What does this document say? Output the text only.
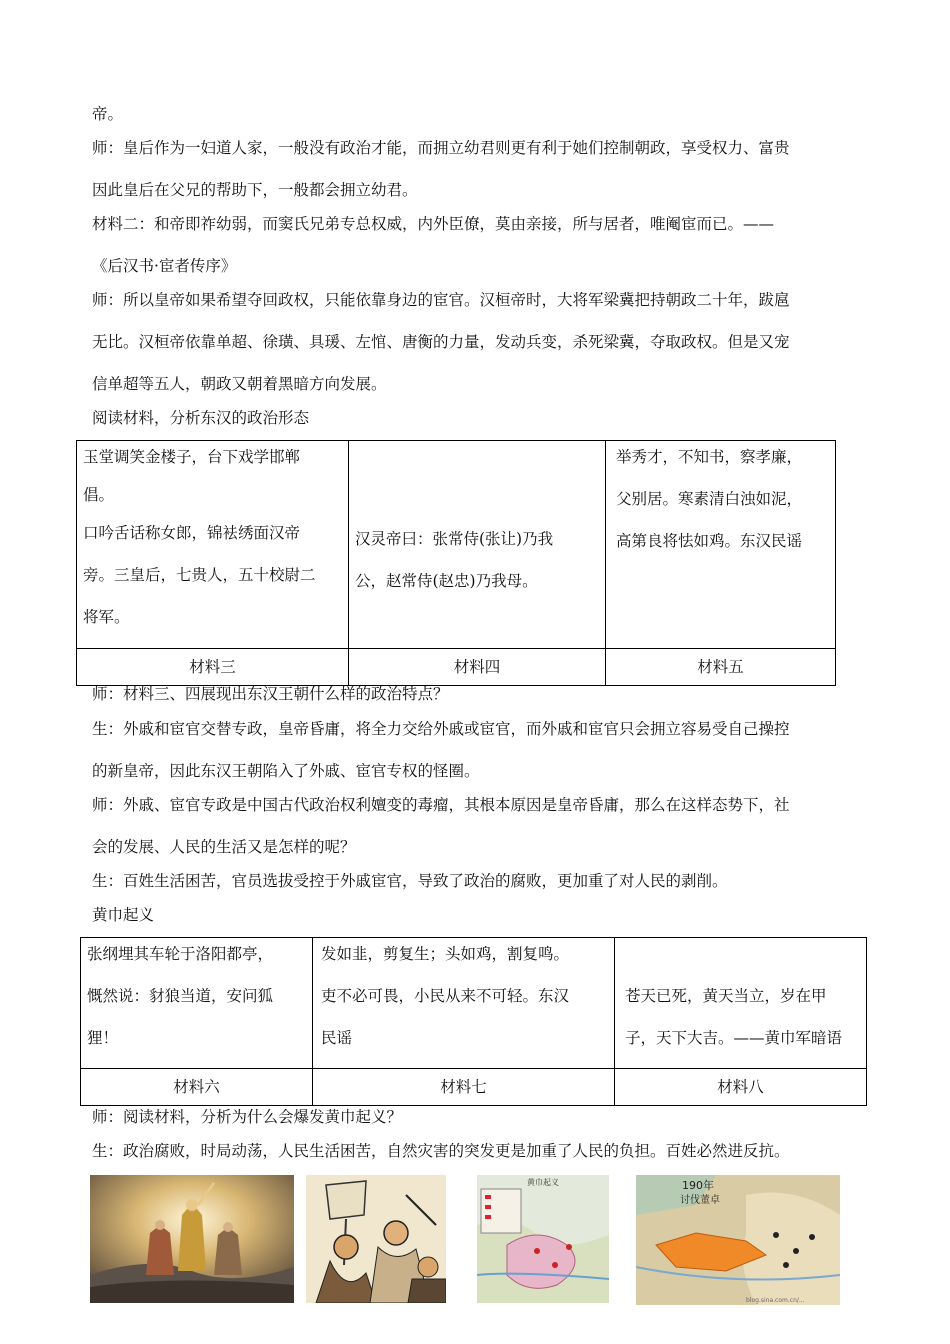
帝。
师：皇后作为一妇道人家，一般没有政治才能，而拥立幼君则更有利于她们控制朝政，享受权力、富贵
因此皇后在父兄的帮助下，一般都会拥立幼君。
材料二：和帝即祚幼弱，而窦氏兄弟专总权威，内外臣僚，莫由亲接，所与居者，唯阉宦而已。——
《后汉书·宦者传序》
师：所以皇帝如果希望夺回政权，只能依靠身边的宦官。汉桓帝时，大将军梁冀把持朝政二十年，跋扈
无比。汉桓帝依靠单超、徐璜、具瑗、左悺、唐衡的力量，发动兵变，杀死梁冀，夺取政权。但是又宠
信单超等五人，朝政又朝着黑暗方向发展。
阅读材料，分析东汉的政治形态
玉堂调笑金楼子，台下戏学邯郸
倡。
口吟舌话称女郎，锦袪绣面汉帝
旁。三皇后，七贵人，五十校尉二
将军。	汉灵帝曰：张常侍(张让)乃我
公，赵常侍(赵忠)乃我母。	举秀才，不知书，察孝廉，
父别居。寒素清白浊如泥，
高第良将怯如鸡。东汉民谣

材料三	材料四	材料五
师：材料三、四展现出东汉王朝什么样的政治特点？
生：外戚和宦官交替专政，皇帝昏庸，将全力交给外戚或宦官，而外戚和宦官只会拥立容易受自己操控
的新皇帝，因此东汉王朝陷入了外戚、宦官专权的怪圈。
师：外戚、宦官专政是中国古代政治权利嬗变的毒瘤，其根本原因是皇帝昏庸，那么在这样态势下，社
会的发展、人民的生活又是怎样的呢？
生：百姓生活困苦，官员选拔受控于外戚宦官，导致了政治的腐败，更加重了对人民的剥削。
黄巾起义
张纲埋其车轮于洛阳都亭，
慨然说：豺狼当道，安问狐
狸！	发如韭，剪复生；头如鸡，割复鸣。
吏不必可畏，小民从来不可轻。东汉
民谣	苍天已死，黄天当立，岁在甲
子，天下大吉。——黄巾军暗语

材料六	材料七	材料八
师：阅读材料，分析为什么会爆发黄巾起义？
生：政治腐败，时局动荡，人民生活困苦，自然灾害的突发更是加重了人民的负担。百姓必然进反抗。
黄巾起义	190年
讨伐董卓
blog.sina.com.cn/...
